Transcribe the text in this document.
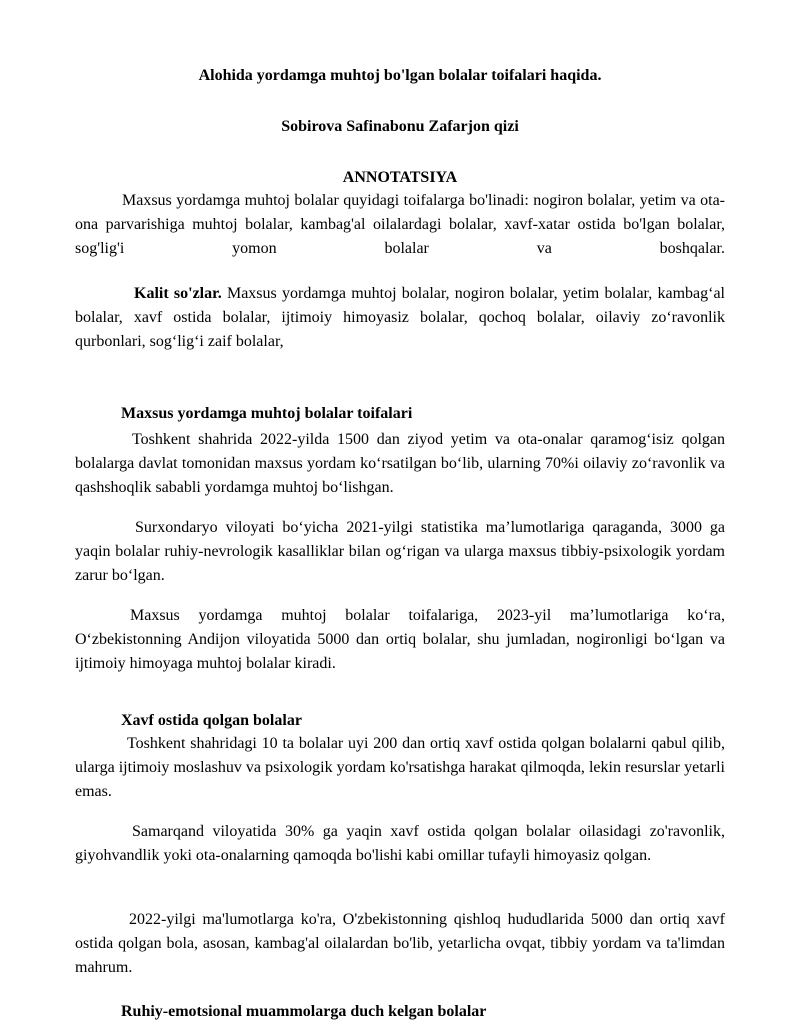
Alohida yordamga muhtoj bo'lgan bolalar toifalari haqida.

Sobirova Safinabonu Zafarjon qizi

ANNOTATSIYA

Maxsus yordamga muhtoj bolalar quyidagi toifalarga bo'linadi: nogiron bolalar, yetim va ota-ona parvarishiga muhtoj bolalar, kambag'al oilalardagi bolalar, xavf-xatar ostida bo'lgan bolalar, sog'lig'i yomon bolalar va boshqalar.

Kalit so'zlar. Maxsus yordamga muhtoj bolalar, nogiron bolalar, yetim bolalar, kambag‘al bolalar, xavf ostida bolalar, ijtimoiy himoyasiz bolalar, qochoq bolalar, oilaviy zo‘ravonlik qurbonlari, sog‘lig‘i zaif bolalar,

Maxsus yordamga muhtoj bolalar toifalari

Toshkent shahrida 2022-yilda 1500 dan ziyod yetim va ota-onalar qaramog‘isiz qolgan bolalarga davlat tomonidan maxsus yordam ko‘rsatilgan bo‘lib, ularning 70%i oilaviy zo‘ravonlik va qashshoqlik sababli yordamga muhtoj bo‘lishgan.

Surxondaryo viloyati bo‘yicha 2021-yilgi statistika ma’lumotlariga qaraganda, 3000 ga yaqin bolalar ruhiy-nevrologik kasalliklar bilan og‘rigan va ularga maxsus tibbiy-psixologik yordam zarur bo‘lgan.

Maxsus yordamga muhtoj bolalar toifalariga, 2023-yil ma’lumotlariga ko‘ra, O‘zbekistonning Andijon viloyatida 5000 dan ortiq bolalar, shu jumladan, nogironligi bo‘lgan va ijtimoiy himoyaga muhtoj bolalar kiradi.

Xavf ostida qolgan bolalar

Toshkent shahridagi 10 ta bolalar uyi 200 dan ortiq xavf ostida qolgan bolalarni qabul qilib, ularga ijtimoiy moslashuv va psixologik yordam ko'rsatishga harakat qilmoqda, lekin resurslar yetarli emas.

Samarqand viloyatida 30% ga yaqin xavf ostida qolgan bolalar oilasidagi zo'ravonlik, giyohvandlik yoki ota-onalarning qamoqda bo'lishi kabi omillar tufayli himoyasiz qolgan.

2022-yilgi ma'lumotlarga ko'ra, O'zbekistonning qishloq hududlarida 5000 dan ortiq xavf ostida qolgan bola, asosan, kambag'al oilalardan bo'lib, yetarlicha ovqat, tibbiy yordam va ta'limdan mahrum.

Ruhiy-emotsional muammolarga duch kelgan bolalar
